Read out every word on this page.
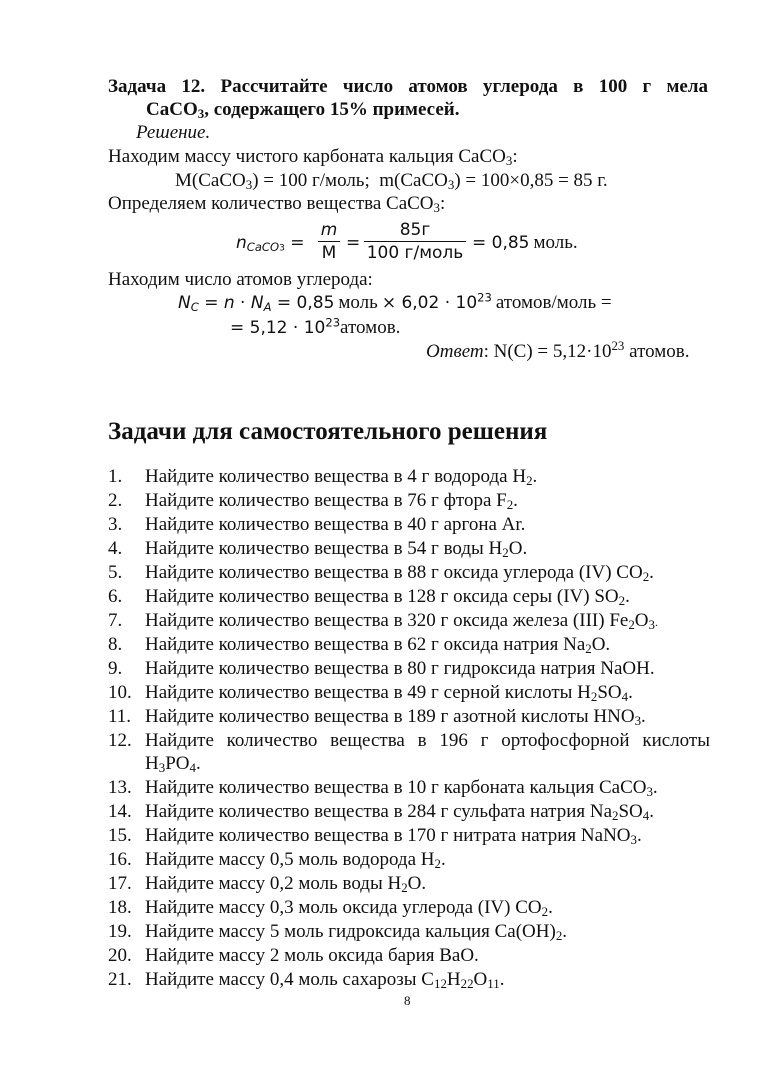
Задача 12. Рассчитайте число атомов углерода в 100 г мела
СаСО$_3$, содержащего 15% примесей.
Решение.
Находим массу чистого карбоната кальция СаСО$_3$:
М(СаСО$_3$) = 100 г/моль; m(СаСО$_3$) = 100×0,85 = 85 г.
Определяем количество вещества СаСО$_3$:
$n_{CaCO3}$ =
m
М =
85г
100 г/моль = 0,85 моль.
Находим число атомов углерода:
$N_C = n \cdot N_A = 0,85$ моль × $6,02 \cdot 10^{23}$ атомов/моль =
= $5,12 \cdot 10^{23}атомов$.
Ответ: $N(C) = 5,12\cdot 10^{23}$ атомов.
Задачи для самостоятельного решения
1. Найдите количество вещества в 4 г водорода $H_2$.
2. Найдите количество вещества в 76 г фтора $F_2$.
3. Найдите количество вещества в 40 г аргона Ar.
4. Найдите количество вещества в 54 г воды $H_2O$.
5. Найдите количество вещества в 88 г оксида углерода (IV) $CO_2$.
6. Найдите количество вещества в 128 г оксида серы (IV) $SO_2$.
7. Найдите количество вещества в 320 г оксида железа (III) $Fe_2O_3$.
8. Найдите количество вещества в 62 г оксида натрия $Na_2O$.
9. Найдите количество вещества в 80 г гидроксида натрия NaOH.
10. Найдите количество вещества в 49 г серной кислоты $H_2SO_4$.
11. Найдите количество вещества в 189 г азотной кислоты $HNO_3$.
12. Найдите количество вещества в 196 г ортофосфорной кислоты
$H_3PO_4$.
13. Найдите количество вещества в 10 г карбоната кальция CaCO$_3$.
14. Найдите количество вещества в 284 г сульфата натрия $Na_2SO_4$.
15. Найдите количество вещества в 170 г нитрата натрия NaNO$_3$.
16. Найдите массу 0,5 моль водорода $H_2$.
17. Найдите массу 0,2 моль воды $H_2O$.
18. Найдите массу 0,3 моль оксида углерода (IV) $CO_2$.
19. Найдите массу 5 моль гидроксида кальция $Ca(OH)_2$.
20. Найдите массу 2 моль оксида бария BaO.
21. Найдите массу 0,4 моль сахарозы $C_{12}H_{22}O_{11}$.
8
